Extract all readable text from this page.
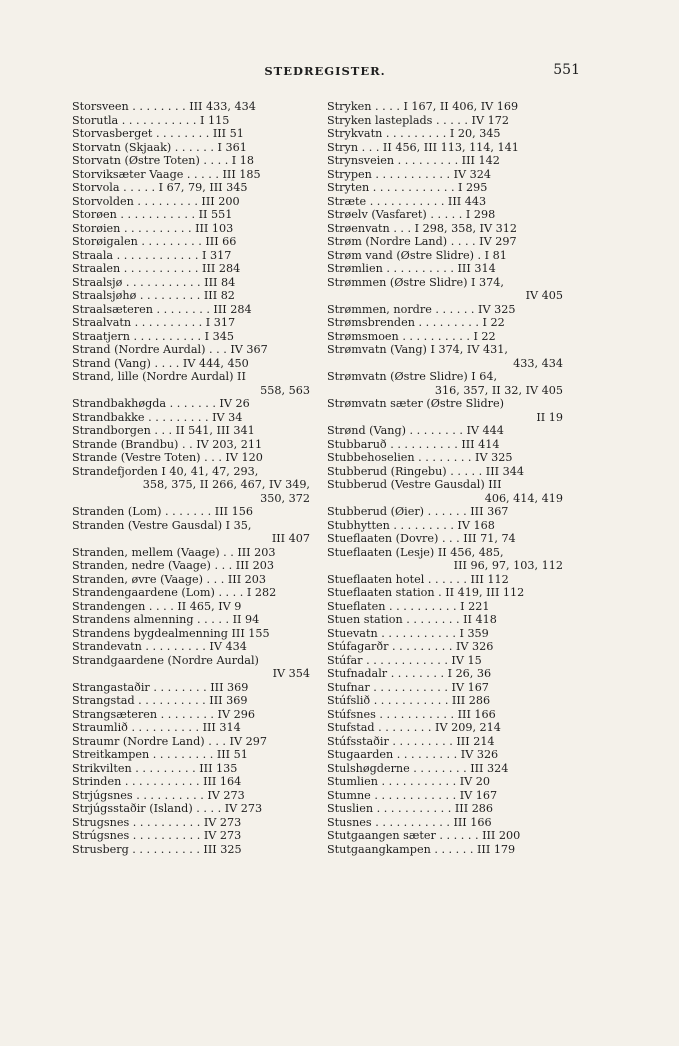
STEDREGISTER.	551
Storsveen . . . . . . . . III 433, 434
Storutla . . . . . . . . . . . I 115
Storvasberget . . . . . . . . III 51
Storvatn (Skjaak) . . . . . . I 361
Storvatn (Østre Toten) . . . . I 18
Storviksæter Vaage . . . . . III 185
Storvola . . . . . I 67, 79, III 345
Storvolden . . . . . . . . . III 200
Storøen . . . . . . . . . . . II 551
Storøien . . . . . . . . . . III 103
Storøigalen . . . . . . . . . III 66
Straala . . . . . . . . . . . . I 317
Straalen . . . . . . . . . . . III 284
Straalsjø . . . . . . . . . . . III 84
Straalsjøhø . . . . . . . . . III 82
Straalsæteren . . . . . . . . III 284
Straalvatn . . . . . . . . . . I 317
Straatjern . . . . . . . . . . I 345
Strand (Nordre Aurdal) . . . IV 367
Strand (Vang) . . . . IV 444, 450
Strand, lille (Nordre Aurdal) II
558, 563
Strandbakhøgda . . . . . . . IV 26
Strandbakke . . . . . . . . . IV 34
Strandborgen . . . II 541, III 341
Strande (Brandbu) . . IV 203, 211
Strande (Vestre Toten) . . . IV 120
Strandefjorden I 40, 41, 47, 293,
358, 375, II 266, 467, IV 349,
350, 372
Stranden (Lom) . . . . . . . III 156
Stranden (Vestre Gausdal) I 35,
III 407
Stranden, mellem (Vaage) . . III 203
Stranden, nedre (Vaage) . . . III 203
Stranden, øvre (Vaage) . . . III 203
Strandengaardene (Lom) . . . . I 282
Strandengen . . . . II 465, IV 9
Strandens almenning . . . . . II 94
Strandens bygdealmenning III 155
Strandevatn . . . . . . . . . IV 434
Strandgaardene (Nordre Aurdal)
IV 354
Strangastaðir . . . . . . . . III 369
Strangstad . . . . . . . . . . III 369
Strangsæteren . . . . . . . . IV 296
Straumlið . . . . . . . . . . III 314
Straumr (Nordre Land) . . . IV 297
Streitkampen . . . . . . . . . III 51
Strikvilten . . . . . . . . . III 135
Strinden . . . . . . . . . . . III 164
Strjúgsnes . . . . . . . . . . IV 273
Strjúgsstaðir (Island) . . . . IV 273
Strugsnes . . . . . . . . . . IV 273
Strúgsnes . . . . . . . . . . IV 273
Strusberg . . . . . . . . . . III 325
Stryken . . . . I 167, II 406, IV 169
Stryken lasteplads . . . . . IV 172
Strykvatn . . . . . . . . . I 20, 345
Stryn . . . II 456, III 113, 114, 141
Strynsveien . . . . . . . . . III 142
Strypen . . . . . . . . . . . IV 324
Stryten . . . . . . . . . . . . I 295
Stræte . . . . . . . . . . . III 443
Strøelv (Vasfaret) . . . . . I 298
Strøenvatn . . . I 298, 358, IV 312
Strøm (Nordre Land) . . . . IV 297
Strøm vand (Østre Slidre) . I 81
Strømlien . . . . . . . . . . III 314
Strømmen (Østre Slidre) I 374,
IV 405
Strømmen, nordre . . . . . . IV 325
Strømsbrenden . . . . . . . . . I 22
Strømsmoen . . . . . . . . . . I 22
Strømvatn (Vang) I 374, IV 431,
433, 434
Strømvatn (Østre Slidre) I 64,
316, 357, II 32, IV 405
Strømvatn sæter (Østre Slidre)
II 19
Strønd (Vang) . . . . . . . . IV 444
Stubbaruð . . . . . . . . . . III 414
Stubbehoselien . . . . . . . . IV 325
Stubberud (Ringebu) . . . . . III 344
Stubberud (Vestre Gausdal) III
406, 414, 419
Stubberud (Øier) . . . . . . III 367
Stubhytten . . . . . . . . . IV 168
Stueflaaten (Dovre) . . . III 71, 74
Stueflaaten (Lesje) II 456, 485,
III 96, 97, 103, 112
Stueflaaten hotel . . . . . . III 112
Stueflaaten station . II 419, III 112
Stueflaten . . . . . . . . . . I 221
Stuen station . . . . . . . . II 418
Stuevatn . . . . . . . . . . . I 359
Stúfagarðr . . . . . . . . . IV 326
Stúfar . . . . . . . . . . . . IV 15
Stufnadalr . . . . . . . . I 26, 36
Stufnar . . . . . . . . . . . IV 167
Stúfslið . . . . . . . . . . . III 286
Stúfsnes . . . . . . . . . . . III 166
Stufstad . . . . . . . . IV 209, 214
Stúfsstaðir . . . . . . . . . III 214
Stugaarden . . . . . . . . . IV 326
Stulshøgderne . . . . . . . . III 324
Stumlien . . . . . . . . . . . IV 20
Stumne . . . . . . . . . . . . IV 167
Stuslien . . . . . . . . . . . III 286
Stusnes . . . . . . . . . . . III 166
Stutgaangen sæter . . . . . . III 200
Stutgaangkampen . . . . . . III 179
